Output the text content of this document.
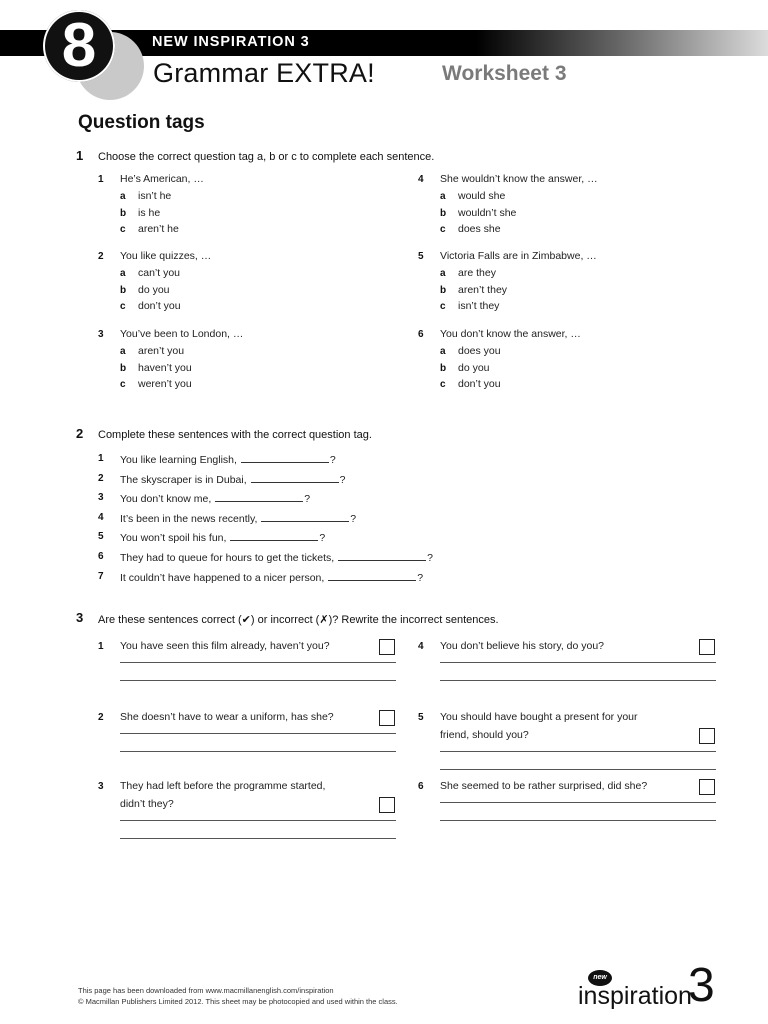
8	NEW INSPIRATION 3
Grammar EXTRA!	Worksheet 3
Question tags
1 Choose the correct question tag a, b or c to complete each sentence.
1 He’s American, …
a isn’t he
b is he
c aren’t he
2 You like quizzes, …
a can’t you
b do you
c don’t you
3 You’ve been to London, …
a aren’t you
b haven’t you
c weren’t you
4 She wouldn’t know the answer, …
a would she
b wouldn’t she
c does she
5 Victoria Falls are in Zimbabwe, …
a are they
b aren’t they
c isn’t they
6 You don’t know the answer, …
a does you
b do you
c don’t you
2 Complete these sentences with the correct question tag.
1 You like learning English,	?
2 The skyscraper is in Dubai,	?
3 You don’t know me,	?
4 It’s been in the news recently,	?
5 You won’t spoil his fun,	?
6 They had to queue for hours to get the tickets,	?
7 It couldn’t have happened to a nicer person,	?
3 Are these sentences correct (✔) or incorrect (✗)? Rewrite the incorrect sentences.
1 You have seen this film already, haven’t you?
2 She doesn’t have to wear a uniform, has she?
3 They had left before the programme started,
didn’t they?
4 You don’t believe his story, do you?
5 You should have bought a present for your
friend, should you?
6 She seemed to be rather surprised, did she?
This page has been downloaded from www.macmillanenglish.com/inspiration
© Macmillan Publishers Limited 2012. This sheet may be photocopied and used within the class.
new
inspiration
3
